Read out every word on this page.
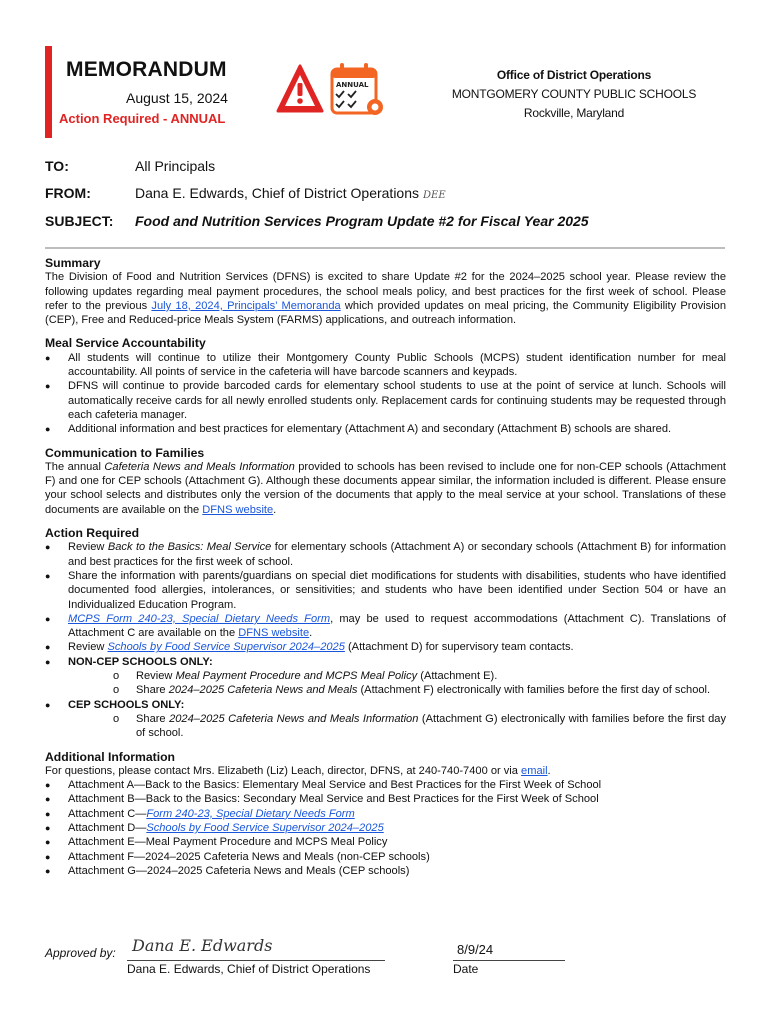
MEMORANDUM
August 15, 2024
Action Required - ANNUAL
ANNUAL
Office of District Operations
MONTGOMERY COUNTY PUBLIC SCHOOLS
Rockville, Maryland
TO:	All Principals
FROM:	Dana E. Edwards, Chief of District Operations DEE
SUBJECT: Food and Nutrition Services Program Update #2 for Fiscal Year 2025
Summary

The Division of Food and Nutrition Services (DFNS) is excited to share Update #2 for the 2024–2025 school year. Please review the following updates regarding meal payment procedures, the school meals policy, and best practices for the first week of school. Please refer to the previous July 18, 2024, Principals’ Memoranda which provided updates on meal pricing, the Community Eligibility Provision (CEP), Free and Reduced-price Meals System (FARMS) applications, and outreach information.

Meal Service Accountability
● All students will continue to utilize their Montgomery County Public Schools (MCPS) student identification number for meal accountability. All points of service in the cafeteria will have barcode scanners and keypads.
● DFNS will continue to provide barcoded cards for elementary school students to use at the point of service at lunch. Schools will automatically receive cards for all newly enrolled students only. Replacement cards for continuing students may be requested through each cafeteria manager.
● Additional information and best practices for elementary (Attachment A) and secondary (Attachment B) schools are shared.
Communication to Families

The annual Cafeteria News and Meals Information provided to schools has been revised to include one for non-CEP schools (Attachment F) and one for CEP schools (Attachment G). Although these documents appear similar, the information included is different. Please ensure your school selects and distributes only the version of the documents that apply to the meal service at your school. Translations of these documents are available on the DFNS website.

Action Required
● Review Back to the Basics: Meal Service for elementary schools (Attachment A) or secondary schools (Attachment B) for information and best practices for the first week of school.
● Share the information with parents/guardians on special diet modifications for students with disabilities, students who have identified documented food allergies, intolerances, or sensitivities; and students who have been identified under Section 504 or have an Individualized Education Program.
● MCPS Form 240-23, Special Dietary Needs Form, may be used to request accommodations (Attachment C). Translations of Attachment C are available on the DFNS website.
● Review Schools by Food Service Supervisor 2024–2025 (Attachment D) for supervisory team contacts.
● NON-CEP SCHOOLS ONLY:
o Review Meal Payment Procedure and MCPS Meal Policy (Attachment E).
o Share 2024–2025 Cafeteria News and Meals (Attachment F) electronically with families before the first day of school.
● CEP SCHOOLS ONLY:
o Share 2024–2025 Cafeteria News and Meals Information (Attachment G) electronically with families before the first day of school.
Additional Information

For questions, please contact Mrs. Elizabeth (Liz) Leach, director, DFNS, at 240-740-7400 or via email.

● Attachment A—Back to the Basics: Elementary Meal Service and Best Practices for the First Week of School
● Attachment B—Back to the Basics: Secondary Meal Service and Best Practices for the First Week of School
● Attachment C—Form 240-23, Special Dietary Needs Form
● Attachment D—Schools by Food Service Supervisor 2024–2025
● Attachment E—Meal Payment Procedure and MCPS Meal Policy
● Attachment F—2024–2025 Cafeteria News and Meals (non-CEP schools)
● Attachment G—2024–2025 Cafeteria News and Meals (CEP schools)
Approved by: Dana E. Edwards
Dana E. Edwards, Chief of District Operations
8/9/24
Date
